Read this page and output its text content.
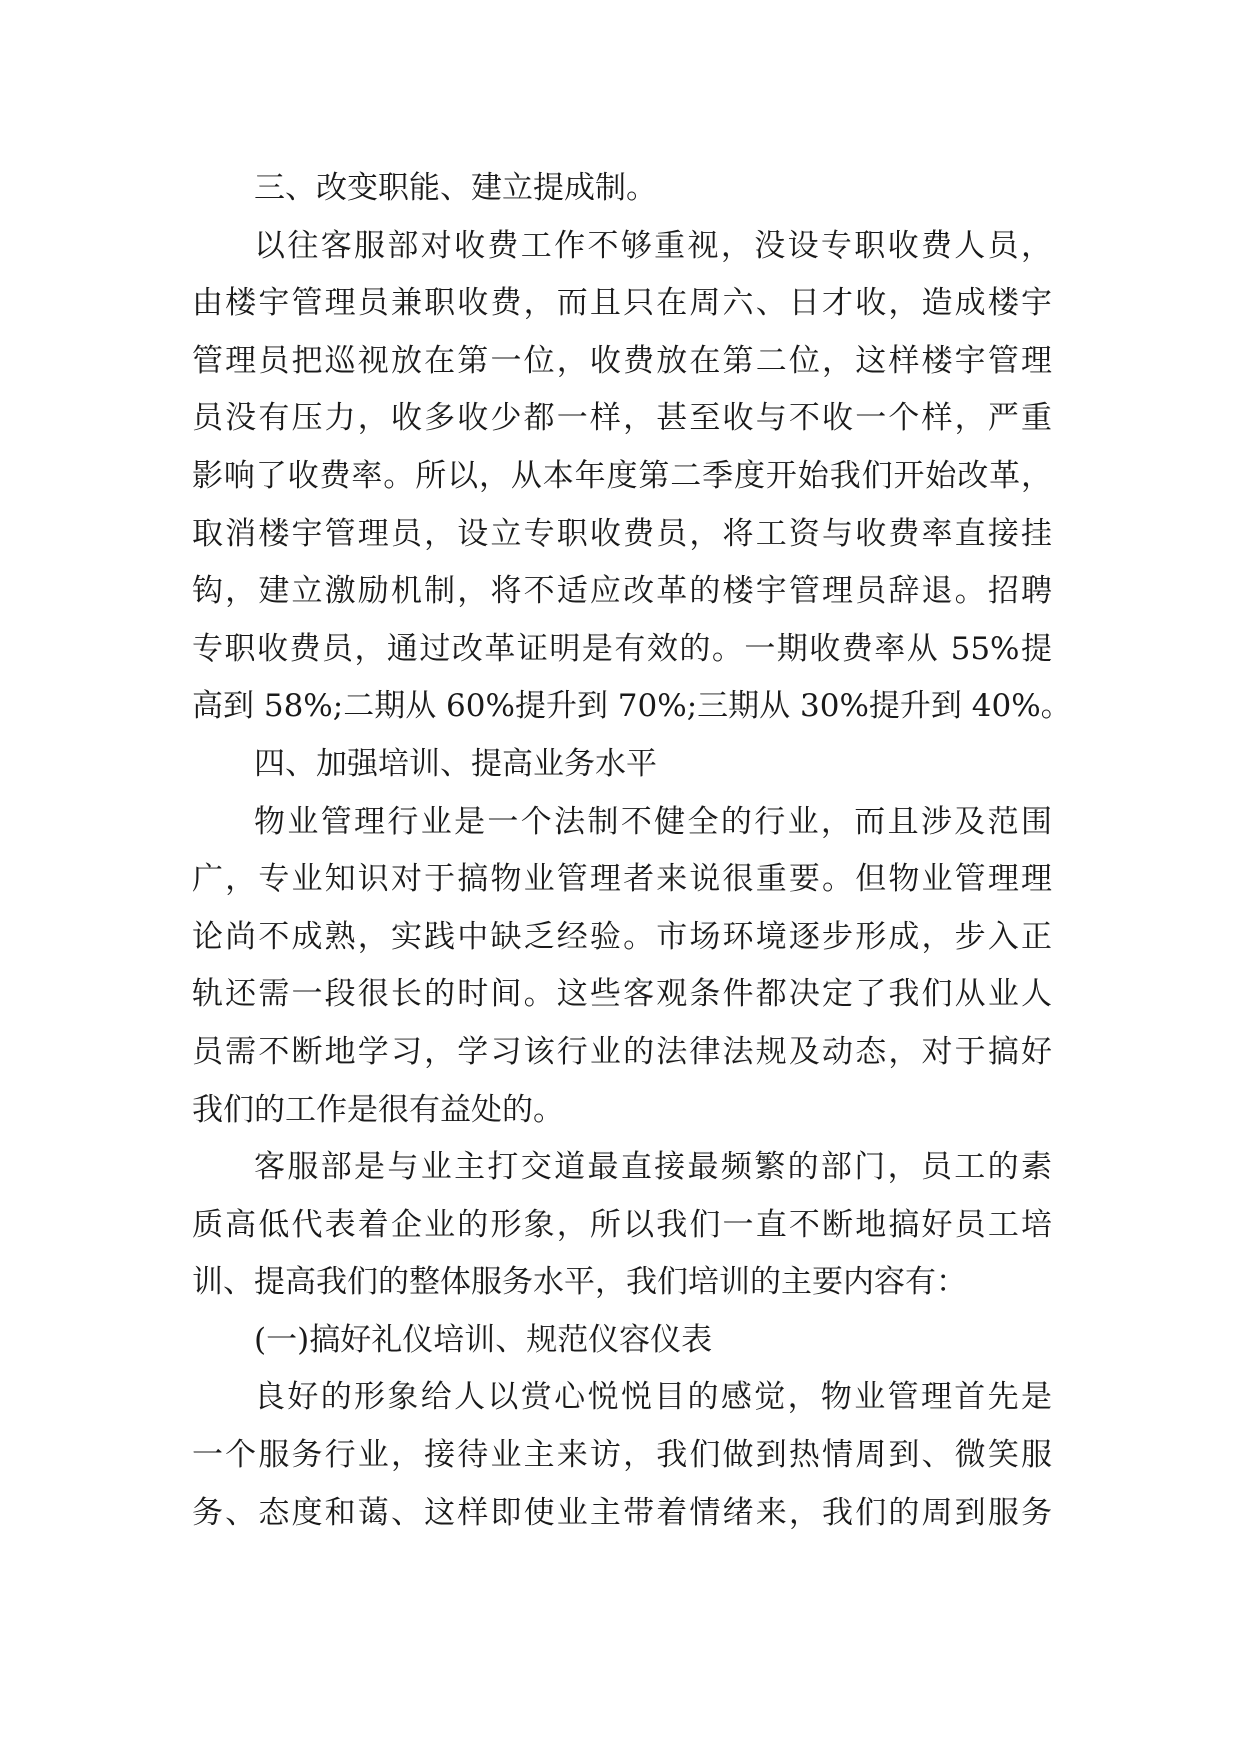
三、改变职能、建立提成制。
以往客服部对收费工作不够重视，没设专职收费人员，
由楼宇管理员兼职收费，而且只在周六、日才收，造成楼宇
管理员把巡视放在第一位，收费放在第二位，这样楼宇管理
员没有压力，收多收少都一样，甚至收与不收一个样，严重
影响了收费率。所以，从本年度第二季度开始我们开始改革，
取消楼宇管理员，设立专职收费员，将工资与收费率直接挂
钩，建立激励机制，将不适应改革的楼宇管理员辞退。招聘
专职收费员，通过改革证明是有效的。一期收费率从 55%提
高到 58%;二期从 60%提升到 70%;三期从 30%提升到 40%。
四、加强培训、提高业务水平
物业管理行业是一个法制不健全的行业，而且涉及范围
广，专业知识对于搞物业管理者来说很重要。但物业管理理
论尚不成熟，实践中缺乏经验。市场环境逐步形成，步入正
轨还需一段很长的时间。这些客观条件都决定了我们从业人
员需不断地学习，学习该行业的法律法规及动态，对于搞好
我们的工作是很有益处的。
客服部是与业主打交道最直接最频繁的部门，员工的素
质高低代表着企业的形象，所以我们一直不断地搞好员工培
训、提高我们的整体服务水平，我们培训的主要内容有：
(一)搞好礼仪培训、规范仪容仪表
良好的形象给人以赏心悦悦目的感觉，物业管理首先是
一个服务行业，接待业主来访，我们做到热情周到、微笑服
务、态度和蔼、这样即使业主带着情绪来，我们的周到服务
